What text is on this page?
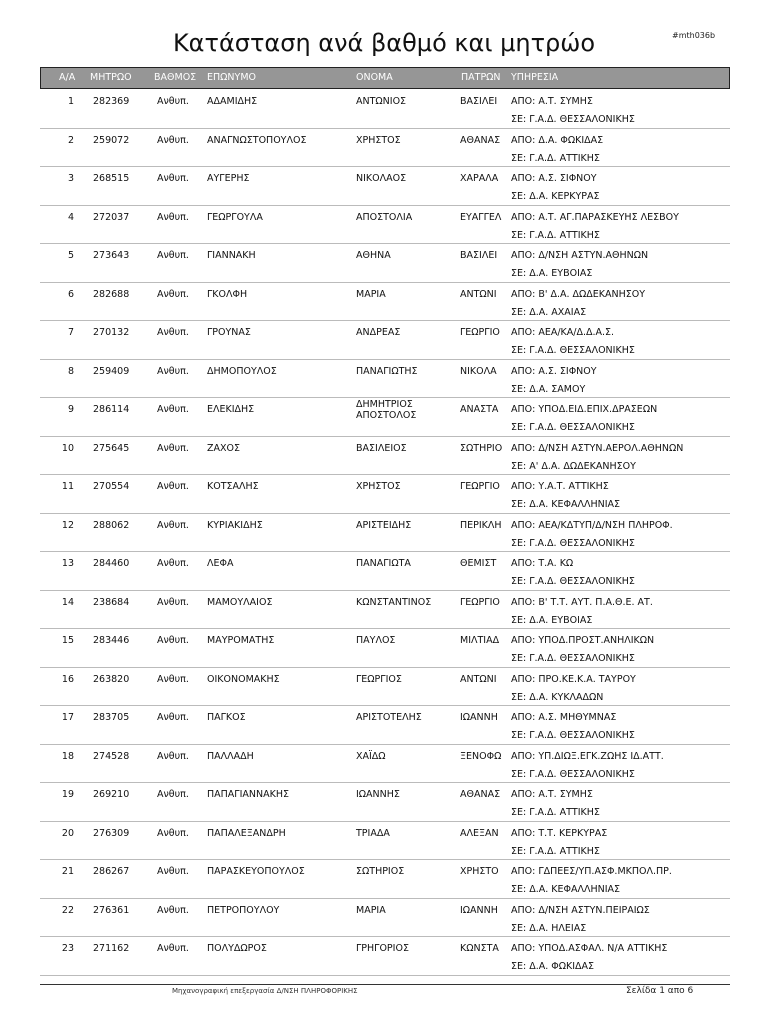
Κατάσταση ανά βαθμό και μητρώο	#mth036b
Α/Α ΜΗΤΡΩΟ ΒΑΘΜΟΣ ΕΠΩΝΥΜΟ	ΟΝΟΜΑ	ΠΑΤΡΩΝ ΥΠΗΡΕΣΙΑ
1 282369	Ανθυπ. ΑΔΑΜΙΔΗΣ	ΑΝΤΩΝΙΟΣ	ΒΑΣΙΛΕΙ ΑΠΟ: Α.Τ. ΣΥΜΗΣ
ΣΕ: Γ.Α.Δ. ΘΕΣΣΑΛΟΝΙΚΗΣ
2 259072	Ανθυπ. ΑΝΑΓΝΩΣΤΟΠΟΥΛΟΣ	ΧΡΗΣΤΟΣ	ΑΘΑΝΑΣ ΑΠΟ: Δ.Α. ΦΩΚΙΔΑΣ
ΣΕ: Γ.Α.Δ. ΑΤΤΙΚΗΣ
3 268515	Ανθυπ. ΑΥΓΕΡΗΣ	ΝΙΚΟΛΑΟΣ	ΧΑΡΑΛΑ ΑΠΟ: Α.Σ. ΣΙΦΝΟΥ
ΣΕ: Δ.Α. ΚΕΡΚΥΡΑΣ
4 272037	Ανθυπ. ΓΕΩΡΓΟΥΛΑ	ΑΠΟΣΤΟΛΙΑ	ΕΥΑΓΓΕΛ ΑΠΟ: Α.Τ. ΑΓ.ΠΑΡΑΣΚΕΥΗΣ ΛΕΣΒΟΥ
ΣΕ: Γ.Α.Δ. ΑΤΤΙΚΗΣ
5 273643	Ανθυπ. ΓΙΑΝΝΑΚΗ	ΑΘΗΝΑ	ΒΑΣΙΛΕΙ ΑΠΟ: Δ/ΝΣΗ ΑΣΤΥΝ.ΑΘΗΝΩΝ
ΣΕ: Δ.Α. ΕΥΒΟΙΑΣ
6 282688	Ανθυπ. ΓΚΟΛΦΗ	ΜΑΡΙΑ	ΑΝΤΩΝΙ ΑΠΟ: Β' Δ.Α. ΔΩΔΕΚΑΝΗΣΟΥ
ΣΕ: Δ.Α. ΑΧΑΙΑΣ
7 270132	Ανθυπ. ΓΡΟΥΝΑΣ	ΑΝΔΡΕΑΣ	ΓΕΩΡΓΙΟ ΑΠΟ: ΑΕΑ/ΚΑ/Δ.Δ.Α.Σ.
ΣΕ: Γ.Α.Δ. ΘΕΣΣΑΛΟΝΙΚΗΣ
8 259409	Ανθυπ. ΔΗΜΟΠΟΥΛΟΣ	ΠΑΝΑΓΙΩΤΗΣ	ΝΙΚΟΛΑ ΑΠΟ: Α.Σ. ΣΙΦΝΟΥ
ΣΕ: Δ.Α. ΣΑΜΟΥ
9 286114	Ανθυπ. ΕΛΕΚΙΔΗΣ	ΔΗΜΗΤΡΙΟΣ
ΑΠΟΣΤΟΛΟΣ
ΑΝΑΣΤΑ ΑΠΟ: ΥΠΟΔ.ΕΙΔ.ΕΠΙΧ.ΔΡΑΣΕΩΝ
ΣΕ: Γ.Α.Δ. ΘΕΣΣΑΛΟΝΙΚΗΣ
10 275645	Ανθυπ. ΖΑΧΟΣ	ΒΑΣΙΛΕΙΟΣ	ΣΩΤΗΡΙΟ ΑΠΟ: Δ/ΝΣΗ ΑΣΤΥΝ.ΑΕΡΟΛ.ΑΘΗΝΩΝ
ΣΕ: Α' Δ.Α. ΔΩΔΕΚΑΝΗΣΟΥ
11 270554	Ανθυπ. ΚΟΤΣΑΛΗΣ	ΧΡΗΣΤΟΣ	ΓΕΩΡΓΙΟ ΑΠΟ: Υ.Α.Τ. ΑΤΤΙΚΗΣ
ΣΕ: Δ.Α. ΚΕΦΑΛΛΗΝΙΑΣ
12 288062	Ανθυπ. ΚΥΡΙΑΚΙΔΗΣ	ΑΡΙΣΤΕΙΔΗΣ	ΠΕΡΙΚΛΗ ΑΠΟ: ΑΕΑ/ΚΔΤΥΠ/Δ/ΝΣΗ ΠΛΗΡΟΦ.
ΣΕ: Γ.Α.Δ. ΘΕΣΣΑΛΟΝΙΚΗΣ
13 284460	Ανθυπ. ΛΕΦΑ	ΠΑΝΑΓΙΩΤΑ	ΘΕΜΙΣΤ ΑΠΟ: Τ.Α. ΚΩ
ΣΕ: Γ.Α.Δ. ΘΕΣΣΑΛΟΝΙΚΗΣ
14 238684	Ανθυπ. ΜΑΜΟΥΛΑΙΟΣ	ΚΩΝΣΤΑΝΤΙΝΟΣ	ΓΕΩΡΓΙΟ ΑΠΟ: Β' Τ.Τ. ΑΥΤ. Π.Α.Θ.Ε. ΑΤ.
ΣΕ: Δ.Α. ΕΥΒΟΙΑΣ
15 283446	Ανθυπ. ΜΑΥΡΟΜΑΤΗΣ	ΠΑΥΛΟΣ	ΜΙΛΤΙΑΔ ΑΠΟ: ΥΠΟΔ.ΠΡΟΣΤ.ΑΝΗΛΙΚΩΝ
ΣΕ: Γ.Α.Δ. ΘΕΣΣΑΛΟΝΙΚΗΣ
16 263820	Ανθυπ. ΟΙΚΟΝΟΜΑΚΗΣ	ΓΕΩΡΓΙΟΣ	ΑΝΤΩΝΙ ΑΠΟ: ΠΡΟ.ΚΕ.Κ.Α. ΤΑΥΡΟΥ
ΣΕ: Δ.Α. ΚΥΚΛΑΔΩΝ
17 283705	Ανθυπ. ΠΑΓΚΟΣ	ΑΡΙΣΤΟΤΕΛΗΣ	ΙΩΑΝΝΗ ΑΠΟ: Α.Σ. ΜΗΘΥΜΝΑΣ
ΣΕ: Γ.Α.Δ. ΘΕΣΣΑΛΟΝΙΚΗΣ
18 274528	Ανθυπ. ΠΑΛΛΑΔΗ	ΧΑΪΔΩ	ΞΕΝΟΦΩ ΑΠΟ: ΥΠ.ΔΙΩΞ.ΕΓΚ.ΖΩΗΣ ΙΔ.ΑΤΤ.
ΣΕ: Γ.Α.Δ. ΘΕΣΣΑΛΟΝΙΚΗΣ
19 269210	Ανθυπ. ΠΑΠΑΓΙΑΝΝΑΚΗΣ	ΙΩΑΝΝΗΣ	ΑΘΑΝΑΣ ΑΠΟ: Α.Τ. ΣΥΜΗΣ
ΣΕ: Γ.Α.Δ. ΑΤΤΙΚΗΣ
20 276309	Ανθυπ. ΠΑΠΑΛΕΞΑΝΔΡΗ	ΤΡΙΑΔΑ	ΑΛΕΞΑΝ ΑΠΟ: Τ.Τ. ΚΕΡΚΥΡΑΣ
ΣΕ: Γ.Α.Δ. ΑΤΤΙΚΗΣ
21 286267	Ανθυπ. ΠΑΡΑΣΚΕΥΟΠΟΥΛΟΣ	ΣΩΤΗΡΙΟΣ	ΧΡΗΣΤΟ ΑΠΟ: ΓΔΠΕΕΣ/ΥΠ.ΑΣΦ.ΜΚΠΟΛ.ΠΡ.
ΣΕ: Δ.Α. ΚΕΦΑΛΛΗΝΙΑΣ
22 276361	Ανθυπ. ΠΕΤΡΟΠΟΥΛΟΥ	ΜΑΡΙΑ	ΙΩΑΝΝΗ ΑΠΟ: Δ/ΝΣΗ ΑΣΤΥΝ.ΠΕΙΡΑΙΩΣ
ΣΕ: Δ.Α. ΗΛΕΙΑΣ
23 271162	Ανθυπ. ΠΟΛΥΔΩΡΟΣ	ΓΡΗΓΟΡΙΟΣ	ΚΩΝΣΤΑ ΑΠΟ: ΥΠΟΔ.ΑΣΦΑΛ. Ν/Α ΑΤΤΙΚΗΣ
ΣΕ: Δ.Α. ΦΩΚΙΔΑΣ
Μηχανογραφική επεξεργασία Δ/ΝΣΗ ΠΛΗΡΟΦΟΡΙΚΗΣ	Σελίδα 1 απο 6
